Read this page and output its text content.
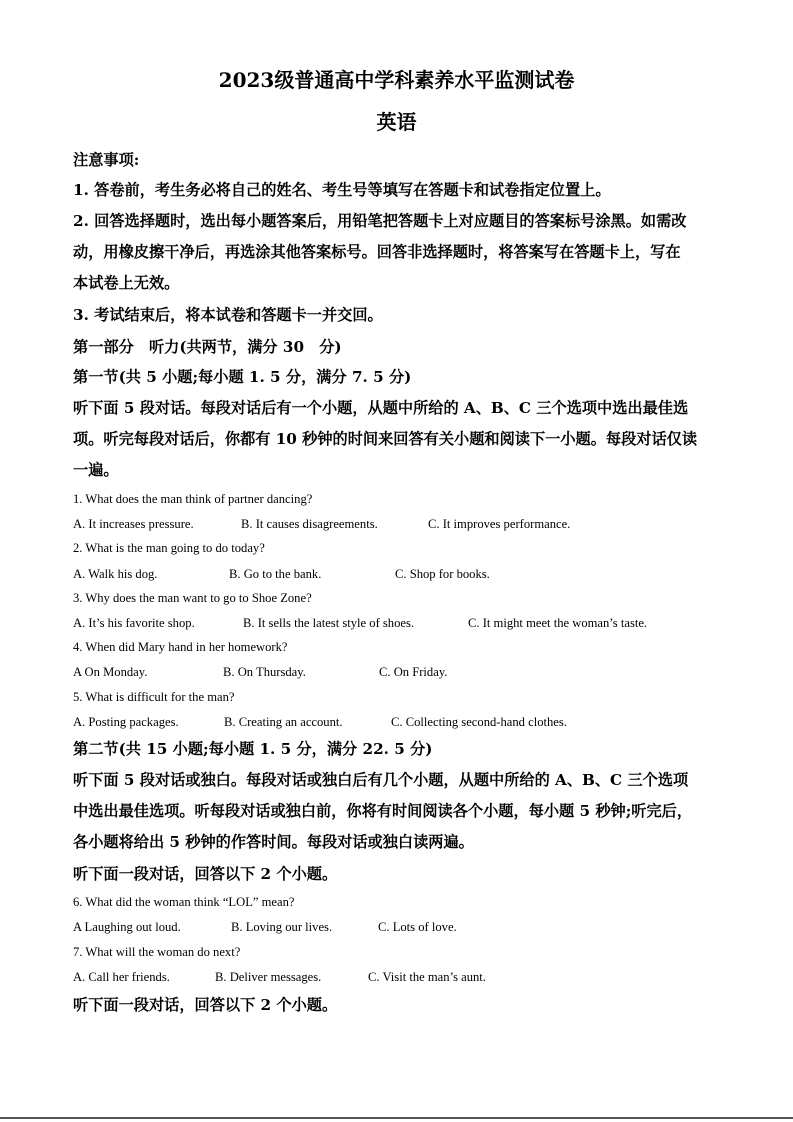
2023级普通高中学科素养水平监测试卷
英语
注意事项:
1. 答卷前，考生务必将自己的姓名、考生号等填写在答题卡和试卷指定位置上。
2. 回答选择题时，选出每小题答案后，用铅笔把答题卡上对应题目的答案标号涂黑。如需改
动，用橡皮擦干净后，再选涂其他答案标号。回答非选择题时，将答案写在答题卡上，写在
本试卷上无效。
3. 考试结束后，将本试卷和答题卡一并交回。
第一部分　听力(共两节，满分 30　分)
第一节(共 5 小题;每小题 1. 5 分，满分 7. 5 分)
听下面 5 段对话。每段对话后有一个小题，从题中所给的 A、B、C 三个选项中选出最佳选
项。听完每段对话后，你都有 10 秒钟的时间来回答有关小题和阅读下一小题。每段对话仅读
一遍。
1. What does the man think of partner dancing?
A. It increases pressure.	B. It causes disagreements.	C. It improves performance.
2. What is the man going to do today?
A. Walk his dog.	B. Go to the bank.	C. Shop for books.
3. Why does the man want to go to Shoe Zone?
A. It’s his favorite shop.	B. It sells the latest style of shoes.	C. It might meet the woman’s taste.
4. When did Mary hand in her homework?
A On Monday.	B. On Thursday.	C. On Friday.
5. What is difficult for the man?
A. Posting packages.	B. Creating an account.	C. Collecting second-hand clothes.
第二节(共 15 小题;每小题 1. 5 分，满分 22. 5 分)
听下面 5 段对话或独白。每段对话或独白后有几个小题，从题中所给的 A、B、C 三个选项
中选出最佳选项。听每段对话或独白前，你将有时间阅读各个小题，每小题 5 秒钟;听完后，
各小题将给出 5 秒钟的作答时间。每段对话或独白读两遍。
听下面一段对话，回答以下 2 个小题。
6. What did the woman think “LOL” mean?
A Laughing out loud.	B. Loving our lives.	C. Lots of love.
7. What will the woman do next?
A. Call her friends.	B. Deliver messages.	C. Visit the man’s aunt.
听下面一段对话，回答以下 2 个小题。
